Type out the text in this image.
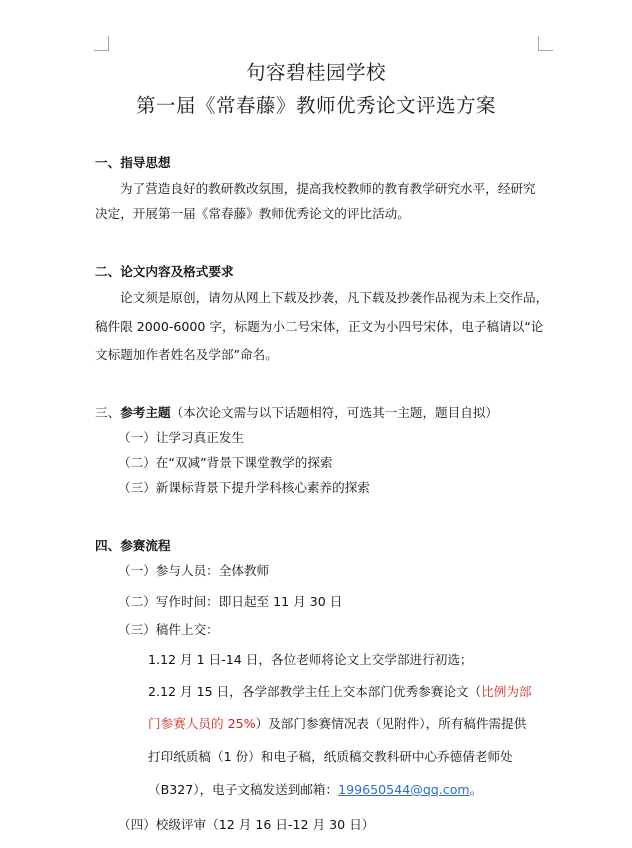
句容碧桂园学校
第一届《常春藤》教师优秀论文评选方案
一、指导思想
为了营造良好的教研教改氛围，提高我校教师的教育教学研究水平，经研究
决定，开展第一届《常春藤》教师优秀论文的评比活动。
二、论文内容及格式要求
论文须是原创，请勿从网上下载及抄袭，凡下载及抄袭作品视为未上交作品，
稿件限 2000-6000 字，标题为小二号宋体，正文为小四号宋体，电子稿请以“论
文标题加作者姓名及学部”命名。
三、参考主题（本次论文需与以下话题相符，可选其一主题，题目自拟）
（一）让学习真正发生
（二）在“双减”背景下课堂教学的探索
（三）新课标背景下提升学科核心素养的探索
四、参赛流程
（一）参与人员：全体教师
（二）写作时间：即日起至 11 月 30 日
（三）稿件上交：
1.12 月 1 日-14 日，各位老师将论文上交学部进行初选；
2.12 月 15 日，各学部教学主任上交本部门优秀参赛论文（比例为部
门参赛人员的 25%）及部门参赛情况表（见附件），所有稿件需提供
打印纸质稿（1 份）和电子稿，纸质稿交教科研中心乔德倩老师处
（B327），电子文稿发送到邮箱：199650544@qq.com。
（四）校级评审（12 月 16 日-12 月 30 日）
